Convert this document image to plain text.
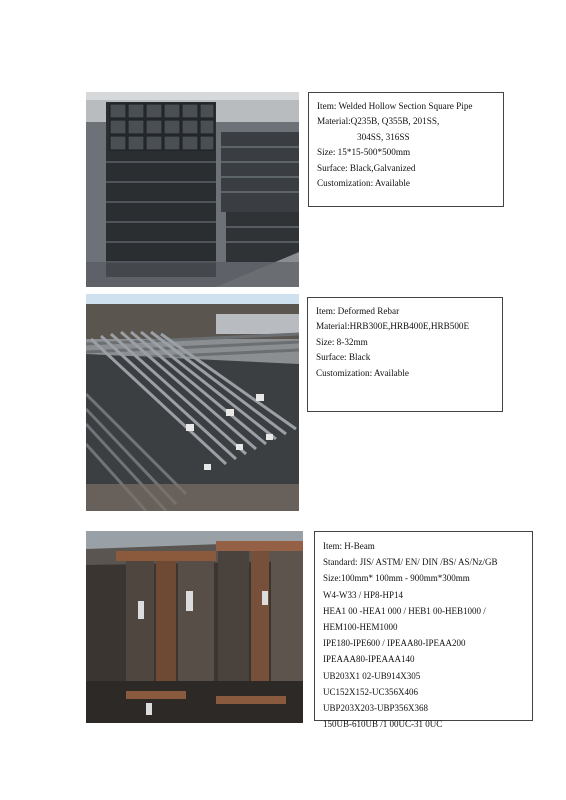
Item: Welded Hollow Section Square Pipe
Material:Q235B, Q355B, 201SS,
304SS, 316SS
Size: 15*15-500*500mm
Surface: Black,Galvanized
Customization: Available
Item: Deformed Rebar
Material:HRB300E,HRB400E,HRB500E
Size: 8-32mm
Surface: Black
Customization: Available
Item: H-Beam
Standard: JIS/ ASTM/ EN/ DIN /BS/ AS/Nz/GB
Size:100mm* 100mm - 900mm*300mm
W4-W33 / HP8-HP14
HEA1 00 -HEA1 000 / HEB1 00-HEB1000 /
HEM100-HEM1000
IPE180-IPE600 / IPEAA80-IPEAA200
IPEAAA80-IPEAAA140
UB203X1 02-UB914X305
UC152X152-UC356X406
UBP203X203-UBP356X368
150UB-610UB /1 00UC-31 0UC
